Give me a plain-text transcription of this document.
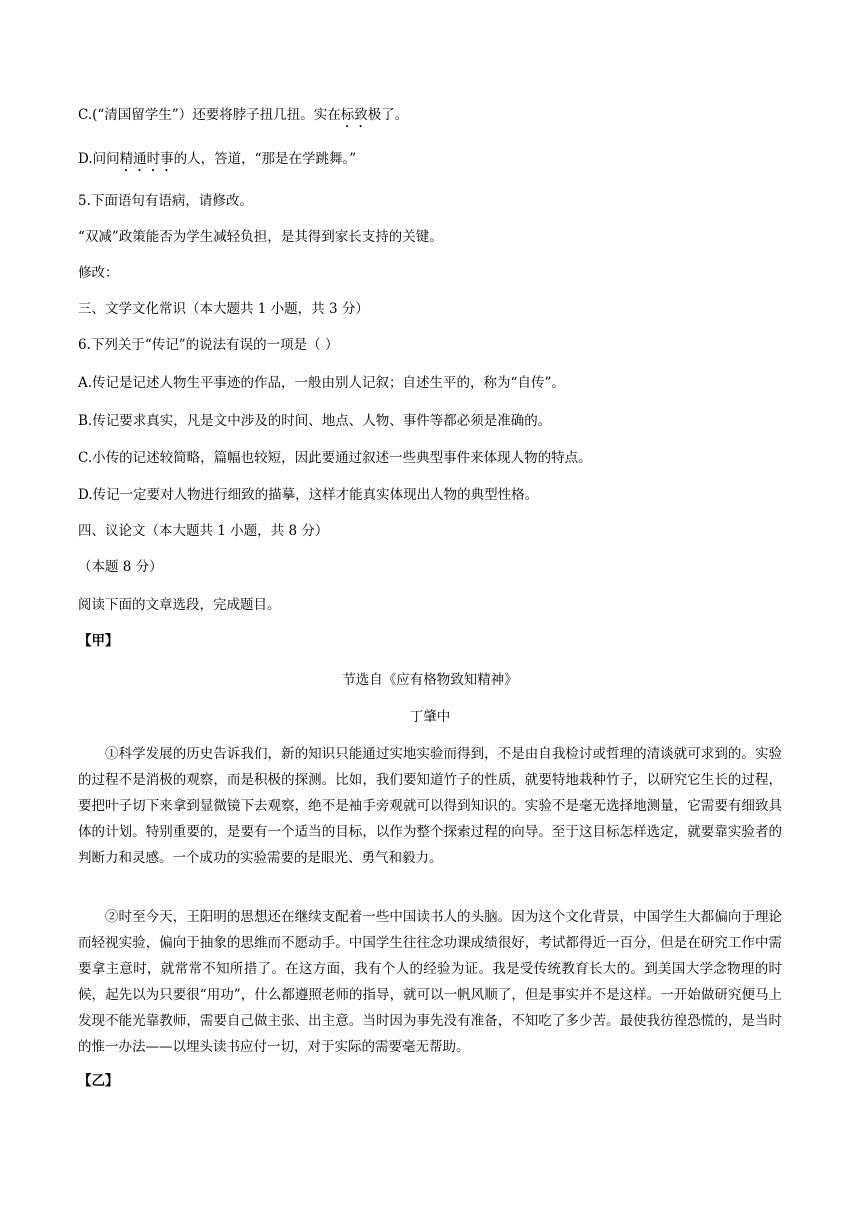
C.(“清国留学生”）还要将脖子扭几扭。实在标致极了。
D.问问精通时事的人，答道，“那是在学跳舞。”
5.下面语句有语病，请修改。
“双减”政策能否为学生减轻负担，是其得到家长支持的关键。
修改：
三、文学文化常识（本大题共 1 小题，共 3 分）
6.下列关于“传记”的说法有误的一项是（ ）
A.传记是记述人物生平事迹的作品，一般由别人记叙；自述生平的，称为“自传”。
B.传记要求真实，凡是文中涉及的时间、地点、人物、事件等都必须是准确的。
C.小传的记述较简略，篇幅也较短，因此要通过叙述一些典型事件来体现人物的特点。
D.传记一定要对人物进行细致的描摹，这样才能真实体现出人物的典型性格。
四、议论文（本大题共 1 小题，共 8 分）
（本题 8 分）
阅读下面的文章选段，完成题目。
【甲】
节选自《应有格物致知精神》
丁肇中
①科学发展的历史告诉我们，新的知识只能通过实地实验而得到，不是由自我检讨或哲理的清谈就可求到的。实验的过程不是消极的观察，而是积极的探测。比如，我们要知道竹子的性质，就要特地栽种竹子，以研究它生长的过程，要把叶子切下来拿到显微镜下去观察，绝不是袖手旁观就可以得到知识的。实验不是毫无选择地测量，它需要有细致具体的计划。特别重要的，是要有一个适当的目标，以作为整个探索过程的向导。至于这目标怎样选定，就要靠实验者的判断力和灵感。一个成功的实验需要的是眼光、勇气和毅力。
②时至今天，王阳明的思想还在继续支配着一些中国读书人的头脑。因为这个文化背景，中国学生大都偏向于理论而轻视实验，偏向于抽象的思维而不愿动手。中国学生往往念功课成绩很好，考试都得近一百分，但是在研究工作中需要拿主意时，就常常不知所措了。在这方面，我有个人的经验为证。我是受传统教育长大的。到美国大学念物理的时候，起先以为只要很“用功”，什么都遵照老师的指导，就可以一帆风顺了，但是事实并不是这样。一开始做研究便马上发现不能光靠教师，需要自己做主张、出主意。当时因为事先没有准备，不知吃了多少苦。最使我彷徨恐慌的，是当时的惟一办法——以埋头读书应付一切，对于实际的需要毫无帮助。
【乙】
